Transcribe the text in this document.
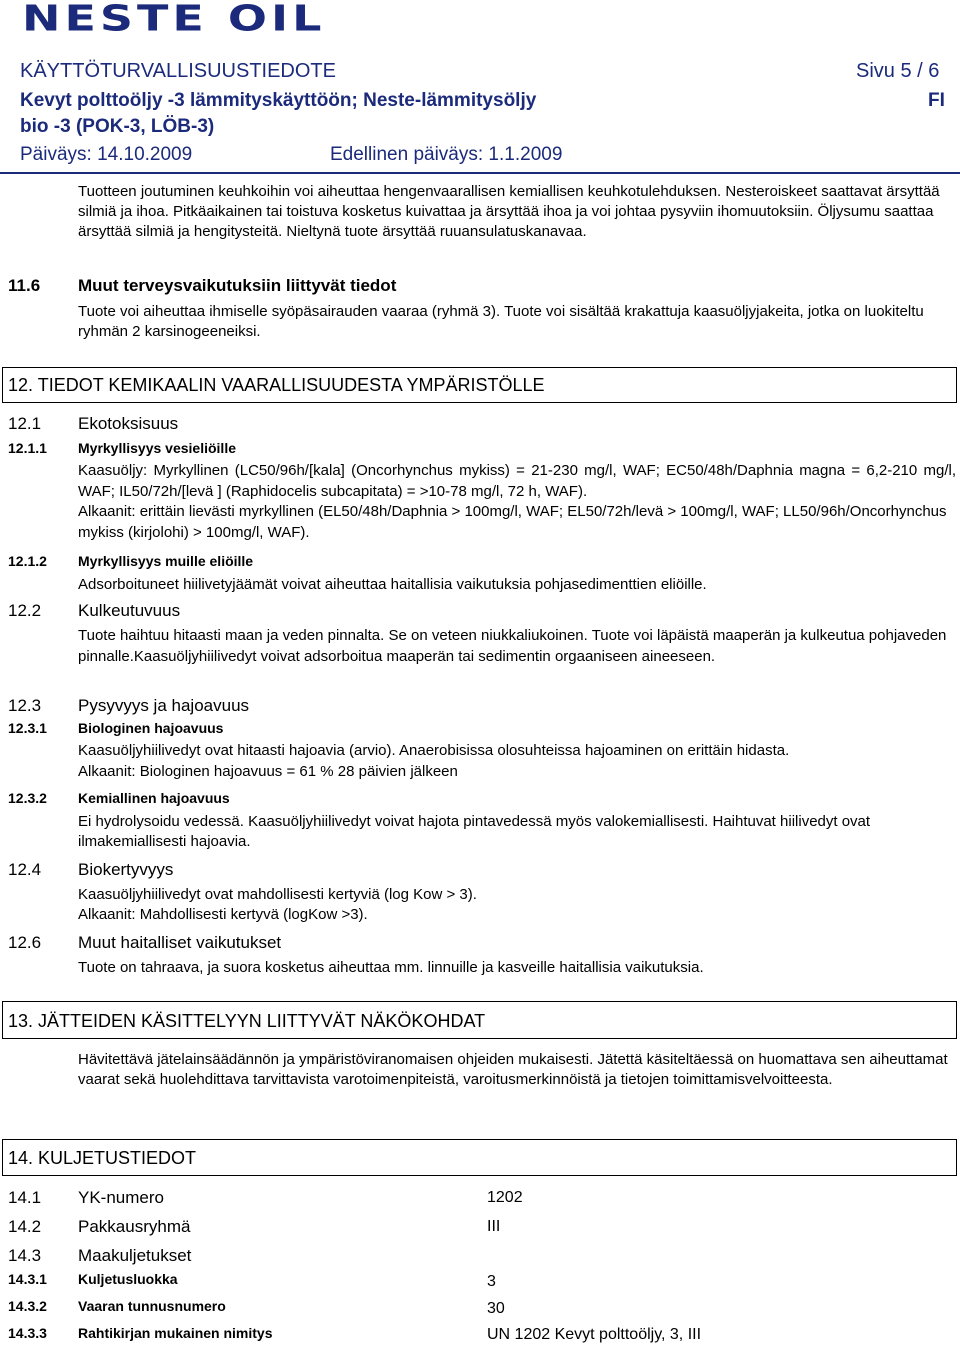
NESTE OIL
KÄYTTÖTURVALLISUUSTIEDOTE	Sivu 5 / 6
Kevyt polttoöljy -3 lämmityskäyttöön; Neste-lämmitysöljy	FI
bio -3 (POK-3, LÖB-3)
Päiväys: 14.10.2009	Edellinen päiväys: 1.1.2009
Tuotteen joutuminen keuhkoihin voi aiheuttaa hengenvaarallisen kemiallisen keuhkotulehduksen. Nesteroiskeet saattavat ärsyttää silmiä ja ihoa. Pitkäaikainen tai toistuva kosketus kuivattaa ja ärsyttää ihoa ja voi johtaa pysyviin ihomuutoksiin. Öljysumu saattaa ärsyttää silmiä ja hengitysteitä. Nieltynä tuote ärsyttää ruuansulatuskanavaa.
11.6 Muut terveysvaikutuksiin liittyvät tiedot
Tuote voi aiheuttaa ihmiselle syöpäsairauden vaaraa (ryhmä 3). Tuote voi sisältää krakattuja kaasuöljyjakeita, jotka on luokiteltu ryhmän 2 karsinogeeneiksi.
12. TIEDOT KEMIKAALIN VAARALLISUUDESTA YMPÄRISTÖLLE
12.1 Ekotoksisuus
12.1.1 Myrkyllisyys vesieliöille
Kaasuöljy: Myrkyllinen (LC50/96h/[kala] (Oncorhynchus mykiss) = 21-230 mg/l, WAF; EC50/48h/Daphnia magna = 6,2-210 mg/l, WAF; IL50/72h/[levä ] (Raphidocelis subcapitata) = >10-78 mg/l, 72 h, WAF).
Alkaanit: erittäin lievästi myrkyllinen (EL50/48h/Daphnia > 100mg/l, WAF; EL50/72h/levä > 100mg/l, WAF; LL50/96h/Oncorhynchus mykiss (kirjolohi) > 100mg/l, WAF).
12.1.2 Myrkyllisyys muille eliöille
Adsorboituneet hiilivetyjäämät voivat aiheuttaa haitallisia vaikutuksia pohjasedimenttien eliöille.
12.2 Kulkeutuvuus
Tuote haihtuu hitaasti maan ja veden pinnalta. Se on veteen niukkaliukoinen. Tuote voi läpäistä maaperän ja kulkeutua pohjaveden pinnalle.Kaasuöljyhiilivedyt voivat adsorboitua maaperän tai sedimentin orgaaniseen aineeseen.
12.3 Pysyvyys ja hajoavuus
12.3.1 Biologinen hajoavuus
Kaasuöljyhiilivedyt ovat hitaasti hajoavia (arvio). Anaerobisissa olosuhteissa hajoaminen on erittäin hidasta.
Alkaanit: Biologinen hajoavuus = 61 % 28 päivien jälkeen
12.3.2 Kemiallinen hajoavuus
Ei hydrolysoidu vedessä. Kaasuöljyhiilivedyt voivat hajota pintavedessä myös valokemiallisesti. Haihtuvat hiilivedyt ovat ilmakemiallisesti hajoavia.
12.4 Biokertyvyys
Kaasuöljyhiilivedyt ovat mahdollisesti kertyviä (log Kow > 3).
Alkaanit: Mahdollisesti kertyvä (logKow >3).
12.6 Muut haitalliset vaikutukset
Tuote on tahraava, ja suora kosketus aiheuttaa mm. linnuille ja kasveille haitallisia vaikutuksia.
13. JÄTTEIDEN KÄSITTELYYN LIITTYVÄT NÄKÖKOHDAT
Hävitettävä jätelainsäädännön ja ympäristöviranomaisen ohjeiden mukaisesti. Jätettä käsiteltäessä on huomattava sen aiheuttamat vaarat sekä huolehdittava tarvittavista varotoimenpiteistä, varoitusmerkinnöistä ja tietojen toimittamisvelvoitteesta.
14. KULJETUSTIEDOT
14.1 YK-numero	1202
14.2 Pakkausryhmä	III
14.3 Maakuljetukset
14.3.1 Kuljetusluokka	3
14.3.2 Vaaran tunnusnumero	30
14.3.3 Rahtikirjan mukainen nimitys	UN 1202 Kevyt polttoöljy, 3, III
